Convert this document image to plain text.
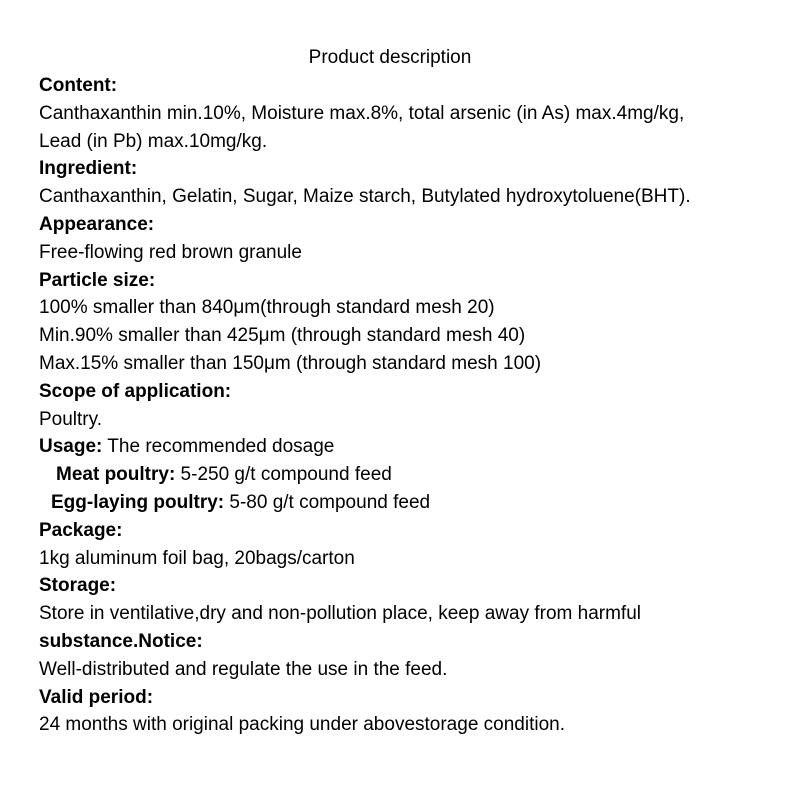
Product description
Content:
Canthaxanthin min.10%, Moisture max.8%, total arsenic (in As) max.4mg/kg,
Lead (in Pb) max.10mg/kg.
Ingredient:
Canthaxanthin, Gelatin, Sugar, Maize starch, Butylated hydroxytoluene(BHT).
Appearance:
Free-flowing red brown granule
Particle size:
100% smaller than 840μm(through standard mesh 20)
Min.90% smaller than 425μm (through standard mesh 40)
Max.15% smaller than 150μm (through standard mesh 100)
Scope of application:
Poultry.
Usage: The recommended dosage
Meat poultry: 5-250 g/t compound feed
Egg-laying poultry: 5-80 g/t compound feed
Package:
1kg aluminum foil bag, 20bags/carton
Storage:
Store in ventilative,dry and non-pollution place, keep away from harmful
substance.Notice:
Well-distributed and regulate the use in the feed.
Valid period:
24 months with original packing under abovestorage condition.
